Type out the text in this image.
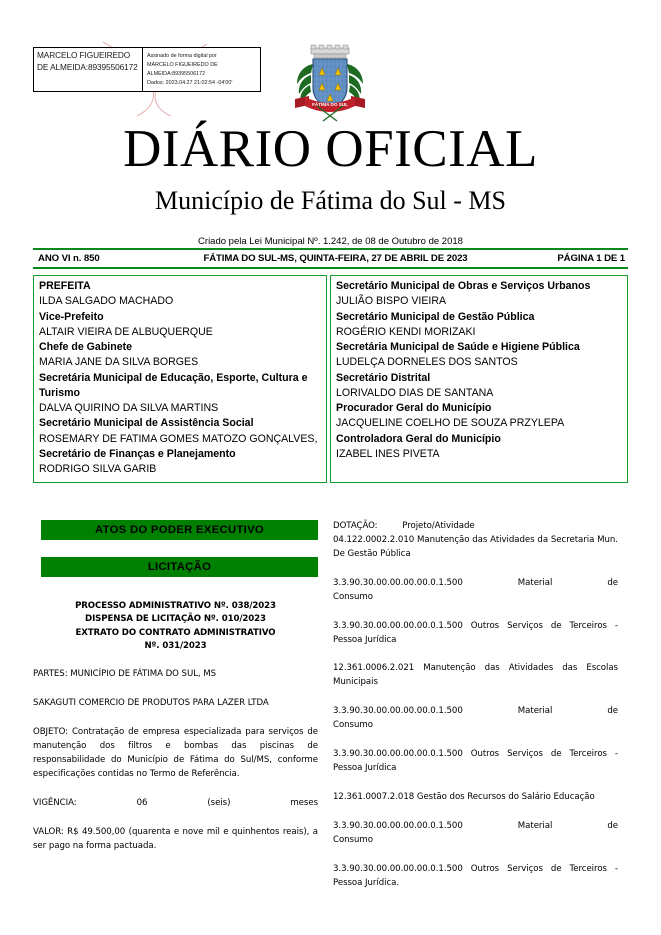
MARCELO FIGUEIREDO DE ALMEIDA:89395506172
Assinado de forma digital por
MARCELO FIGUEIREDO DE
ALMEIDA:89395506172
Dados: 2023.04.27 21:02:54 -04'00'
FÁTIMA DO SUL
DIÁRIO OFICIAL
Município de Fátima do Sul - MS
Criado pela Lei Municipal Nº. 1.242, de 08 de Outubro de 2018
ANO VI n. 850	FÁTIMA DO SUL-MS, QUINTA-FEIRA, 27 DE ABRIL DE 2023	PÁGINA 1 DE 1
PREFEITA
ILDA SALGADO MACHADO
Vice-Prefeito
ALTAIR VIEIRA DE ALBUQUERQUE
Chefe de Gabinete
MARIA JANE DA SILVA BORGES
Secretária Municipal de Educação, Esporte, Cultura e Turismo
DALVA QUIRINO DA SILVA MARTINS
Secretário Municipal de Assistência Social
ROSEMARY DE FATIMA GOMES MATOZO GONÇALVES,
Secretário de Finanças e Planejamento
RODRIGO SILVA GARIB
Secretário Municipal de Obras e Serviços Urbanos
JULIÃO BISPO VIEIRA
Secretário Municipal de Gestão Pública
ROGÉRIO KENDI MORIZAKI
Secretária Municipal de Saúde e Higiene Pública
LUDELÇA DORNELES DOS SANTOS
Secretário Distrital
LORIVALDO DIAS DE SANTANA
Procurador Geral do Município
JACQUELINE COELHO DE SOUZA PRZYLEPA
Controladora Geral do Município
IZABEL INES PIVETA
ATOS DO PODER EXECUTIVO
LICITAÇÃO
PROCESSO ADMINISTRATIVO Nº. 038/2023
DISPENSA DE LICITAÇÃO Nº. 010/2023
EXTRATO DO CONTRATO ADMINISTRATIVO
Nº. 031/2023
PARTES: MUNICÍPIO DE FÁTIMA DO SUL, MS
SAKAGUTI COMERCIO DE PRODUTOS PARA LAZER LTDA
OBJETO: Contratação de empresa especializada para serviços de manutenção dos filtros e bombas das piscinas de responsabilidade do Município de Fátima do Sul/MS, conforme especificações contidas no Termo de Referência.
VIGÊNCIA:	06	(seis)	meses
VALOR: R$ 49.500,00 (quarenta e nove mil e quinhentos reais), a ser pago na forma pactuada.
DOTAÇÃO:	Projeto/Atividade
04.122.0002.2.010 Manutenção das Atividades da Secretaria Mun. De Gestão Pública
3.3.90.30.00.00.00.00.0.1.500	Material	de
Consumo
3.3.90.30.00.00.00.00.0.1.500 Outros Serviços de Terceiros - Pessoa Jurídica
12.361.0006.2.021 Manutenção das Atividades das Escolas Municipais
3.3.90.30.00.00.00.00.0.1.500	Material	de
Consumo
3.3.90.30.00.00.00.00.0.1.500 Outros Serviços de Terceiros - Pessoa Jurídica
12.361.0007.2.018 Gestão dos Recursos do Salário Educação
3.3.90.30.00.00.00.00.0.1.500	Material	de
Consumo
3.3.90.30.00.00.00.00.0.1.500 Outros Serviços de Terceiros - Pessoa Jurídica.
